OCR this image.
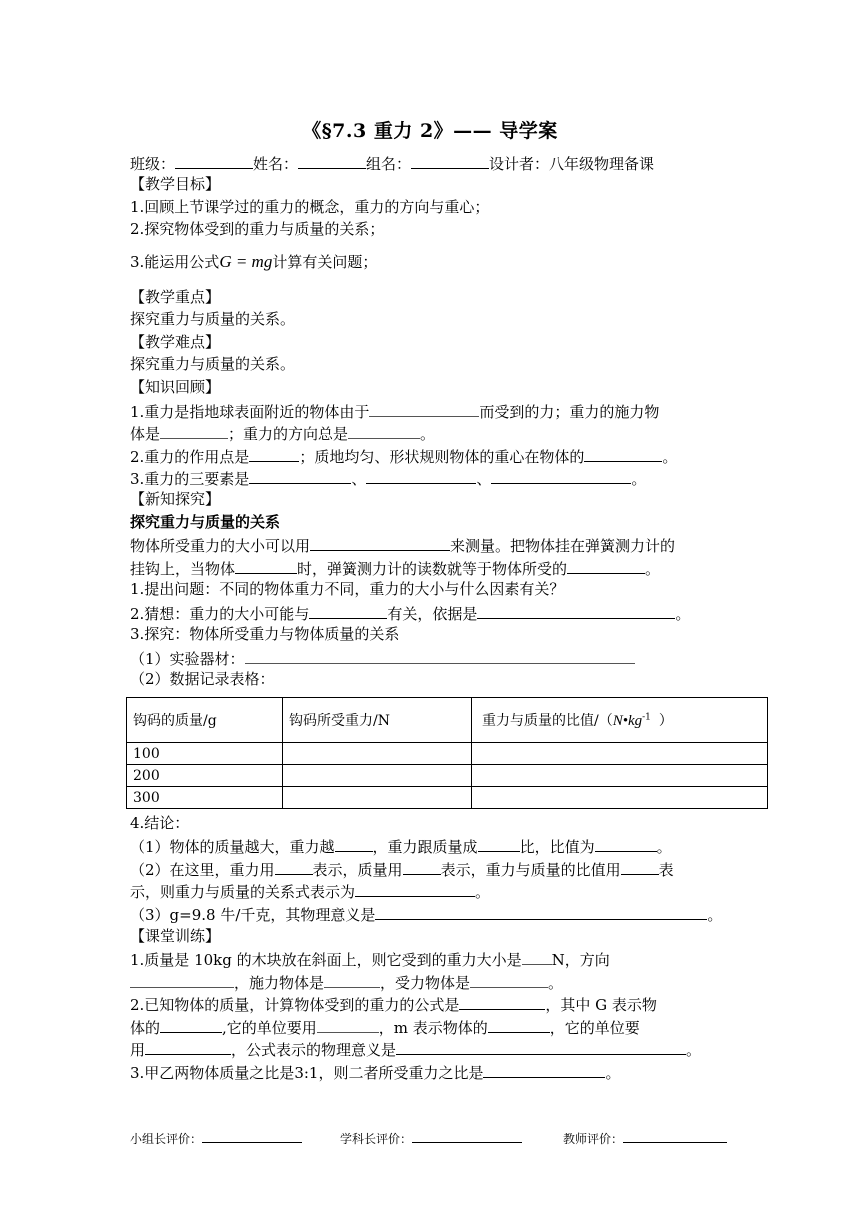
《§7.3 重力 2》—— 导学案
班级：	姓名：	组名：	设计者：八年级物理备课
【教学目标】
1.回顾上节课学过的重力的概念，重力的方向与重心；
2.探究物体受到的重力与质量的关系；
3.能运用公式G = mg计算有关问题；
【教学重点】
探究重力与质量的关系。
【教学难点】
探究重力与质量的关系。
【知识回顾】
1.重力是指地球表面附近的物体由于	而受到的力；重力的施力物
体是	；重力的方向总是	。
2.重力的作用点是	；质地均匀、形状规则物体的重心在物体的	。
3.重力的三要素是	、	、	。
【新知探究】
探究重力与质量的关系
物体所受重力的大小可以用	来测量。把物体挂在弹簧测力计的
挂钩上，当物体	时，弹簧测力计的读数就等于物体所受的	。
1.提出问题：不同的物体重力不同，重力的大小与什么因素有关？
2.猜想：重力的大小可能与	有关，依据是	。
3.探究：物体所受重力与物体质量的关系
（1）实验器材：
（2）数据记录表格：
钩码的质量/g	钩码所受重力/N	重力与质量的比值$/(N•kg^{-1}$ ）
100		
200		
300		
4.结论：
（1）物体的质量越大，重力越	，重力跟质量成	比，比值为	。
（2）在这里，重力用	表示，质量用	表示，重力与质量的比值用	表
示，则重力与质量的关系式表示为	。
（3）g=9.8 牛/千克，其物理意义是	。
【课堂训练】
1.质量是 10kg 的木块放在斜面上，则它受到的重力大小是 N，方向
，施力物体是	，受力物体是	。
2.已知物体的质量，计算物体受到的重力的公式是	，其中 G 表示物
体的	,它的单位要用	，m 表示物体的	，它的单位要
用	，公式表示的物理意义是	。
3.甲乙两物体质量之比是3:1，则二者所受重力之比是	。
小组长评价：	学科长评价：	教师评价：
